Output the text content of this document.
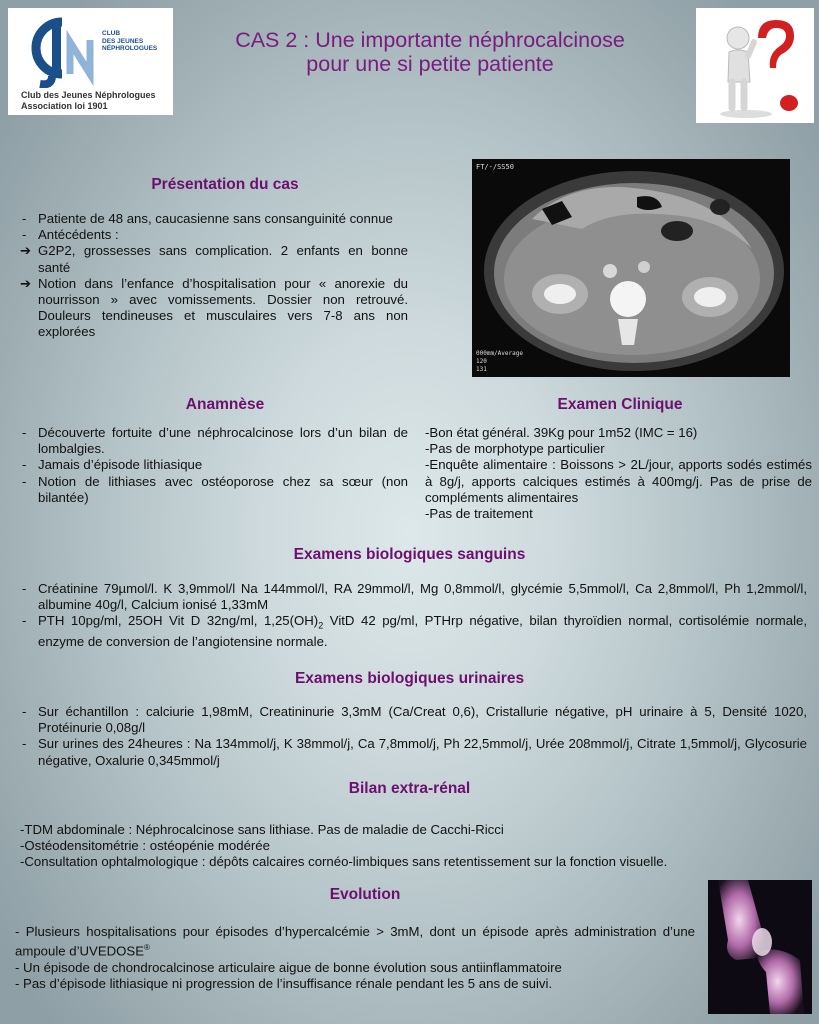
CLUB
DES JEUNES
NÉPHROLOGUES
Club des Jeunes Néphrologues
Association loi 1901
CAS 2 : Une importante néphrocalcinose
pour une si petite patiente
FT/-/SS50
000mm/Average
120
131
Présentation du cas
- Patiente de 48 ans, caucasienne sans consanguinité connue
- Antécédents :
➔ G2P2, grossesses sans complication. 2 enfants en bonne santé
➔ Notion dans l’enfance d’hospitalisation pour « anorexie du nourrisson » avec vomissements. Dossier non retrouvé. Douleurs tendineuses et musculaires vers 7-8 ans non explorées
Anamnèse
- Découverte fortuite d’une néphrocalcinose lors d’un bilan de lombalgies.
- Jamais d’épisode lithiasique
- Notion de lithiases avec ostéoporose chez sa sœur (non bilantée)
Examen Clinique
-Bon état général. 39Kg pour 1m52 (IMC = 16)
-Pas de morphotype particulier
-Enquête alimentaire : Boissons > 2L/jour, apports sodés estimés à 8g/j, apports calciques estimés à 400mg/j. Pas de prise de compléments alimentaires
-Pas de traitement
Examens biologiques sanguins
- Créatinine 79µmol/l. K 3,9mmol/l Na 144mmol/l, RA 29mmol/l, Mg 0,8mmol/l, glycémie 5,5mmol/l, Ca 2,8mmol/l, Ph 1,2mmol/l, albumine 40g/l, Calcium ionisé 1,33mM
- PTH 10pg/ml, 25OH Vit D 32ng/ml, $1,25(OH)_2$ VitD 42 pg/ml, PTHrp négative, bilan thyroïdien normal, cortisolémie normale, enzyme de conversion de l’angiotensine normale.
Examens biologiques urinaires
- Sur échantillon : calciurie 1,98mM, Creatininurie 3,3mM (Ca/Creat 0,6), Cristallurie négative, pH urinaire à 5, Densité 1020, Protéinurie 0,08g/l
- Sur urines des 24heures : Na 134mmol/j, K 38mmol/j, Ca 7,8mmol/j, Ph 22,5mmol/j, Urée 208mmol/j, Citrate 1,5mmol/j, Glycosurie négative, Oxalurie 0,345mmol/j
Bilan extra-rénal
-TDM abdominale : Néphrocalcinose sans lithiase. Pas de maladie de Cacchi-Ricci
-Ostéodensitométrie : ostéopénie modérée
-Consultation ophtalmologique : dépôts calcaires cornéo-limbiques sans retentissement sur la fonction visuelle.
Evolution
- Plusieurs hospitalisations pour épisodes d’hypercalcémie > 3mM, dont un épisode après administration d’une ampoule d’UVEDOSE®
- Un épisode de chondrocalcinose articulaire aigue de bonne évolution sous antiinflammatoire
- Pas d’épisode lithiasique ni progression de l’insuffisance rénale pendant les 5 ans de suivi.
